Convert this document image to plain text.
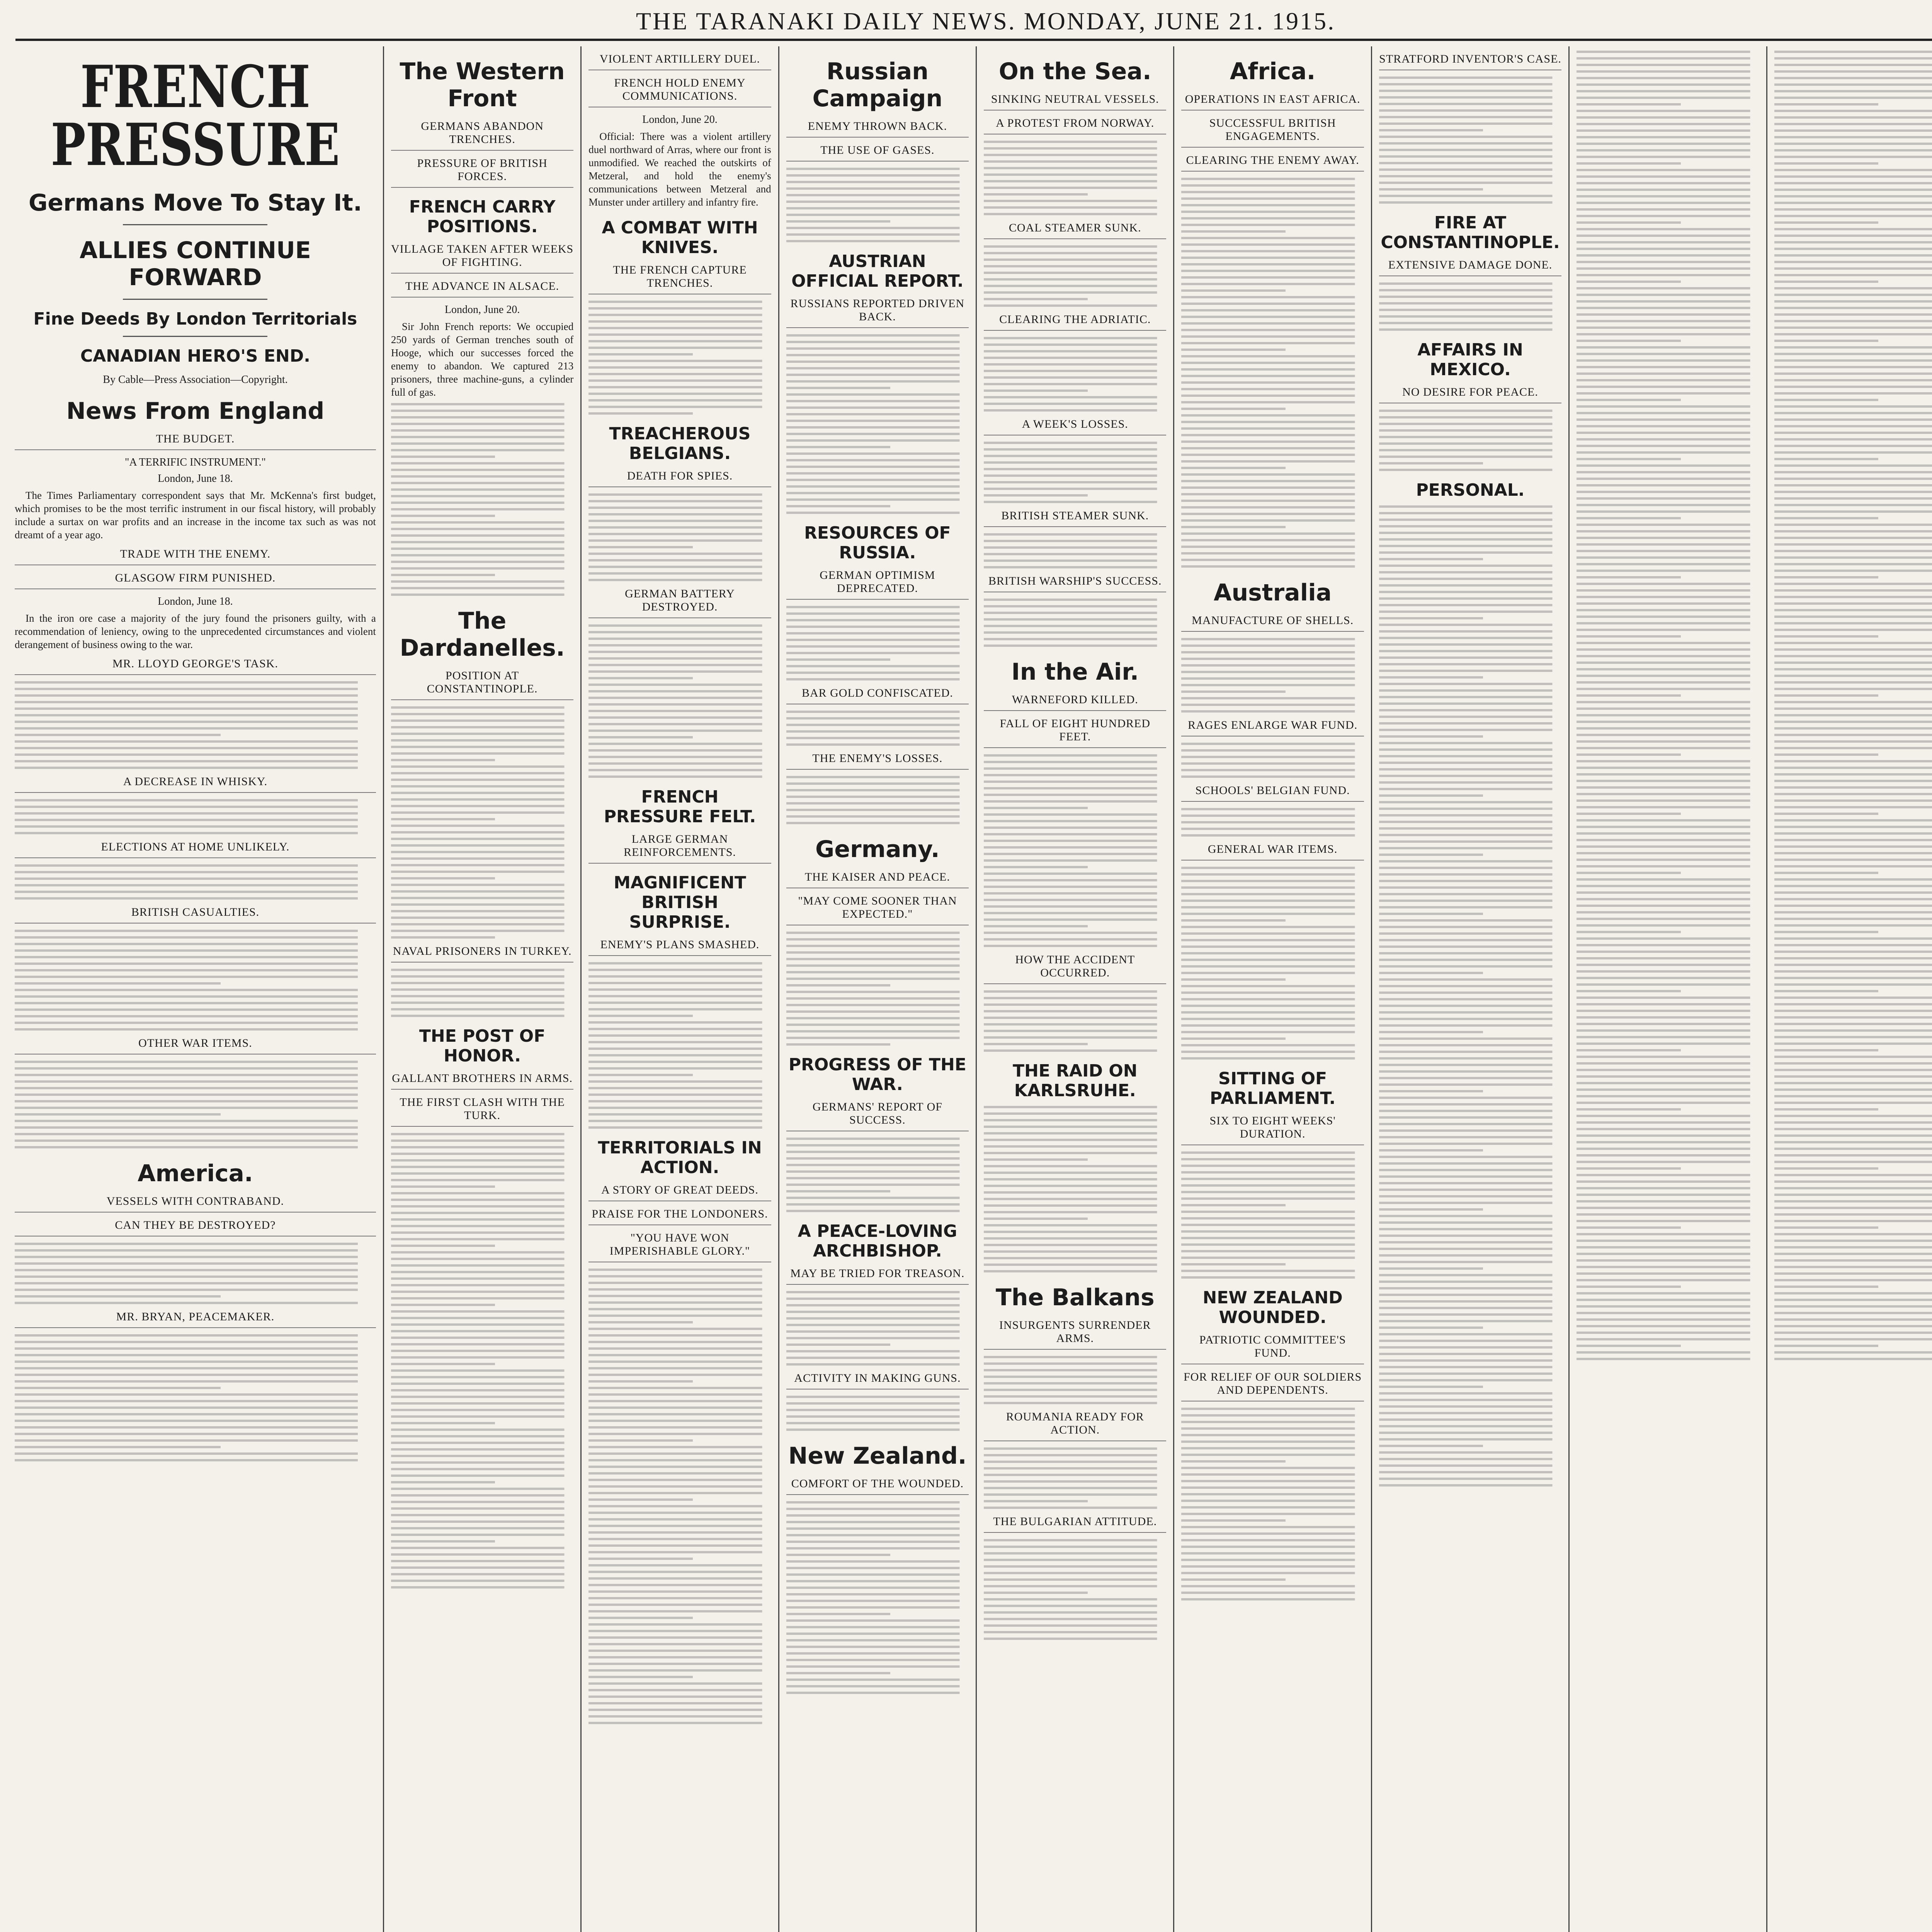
THE TARANAKI DAILY NEWS. MONDAY, JUNE 21. 1915.
FRENCH PRESSURE
Germans Move To Stay It.
ALLIES CONTINUE FORWARD
Fine Deeds By London Territorials
CANADIAN HERO'S END.
By Cable—Press Association—Copyright.
News From England
THE BUDGET.
"A TERRIFIC INSTRUMENT."
London, June 18.

The Times Parliamentary correspondent says that Mr. McKenna's first budget, which promises to be the most terrific instrument in our fiscal history, will probably include a surtax on war profits and an increase in the income tax such as was not dreamt of a year ago.

TRADE WITH THE ENEMY.
GLASGOW FIRM PUNISHED.
London, June 18.

In the iron ore case a majority of the jury found the prisoners guilty, with a recommendation of leniency, owing to the unprecedented circumstances and violent derangement of business owing to the war.

MR. LLOYD GEORGE'S TASK.
A DECREASE IN WHISKY.
ELECTIONS AT HOME UNLIKELY.
BRITISH CASUALTIES.
OTHER WAR ITEMS.
America.
VESSELS WITH CONTRABAND.
CAN THEY BE DESTROYED?
MR. BRYAN, PEACEMAKER.
The Western Front
GERMANS ABANDON TRENCHES.
PRESSURE OF BRITISH FORCES.
FRENCH CARRY POSITIONS.
VILLAGE TAKEN AFTER WEEKS OF FIGHTING.
THE ADVANCE IN ALSACE.
London, June 20.

Sir John French reports: We occupied 250 yards of German trenches south of Hooge, which our successes forced the enemy to abandon. We captured 213 prisoners, three machine-guns, a cylinder full of gas.

The Dardanelles.
POSITION AT CONSTANTINOPLE.
NAVAL PRISONERS IN TURKEY.
THE POST OF HONOR.
GALLANT BROTHERS IN ARMS.
THE FIRST CLASH WITH THE TURK.
VIOLENT ARTILLERY DUEL.
FRENCH HOLD ENEMY COMMUNICATIONS.
London, June 20.

Official: There was a violent artillery duel northward of Arras, where our front is unmodified. We reached the outskirts of Metzeral, and hold the enemy's communications between Metzeral and Munster under artillery and infantry fire.

A COMBAT WITH KNIVES.
THE FRENCH CAPTURE TRENCHES.
TREACHEROUS BELGIANS.
DEATH FOR SPIES.
GERMAN BATTERY DESTROYED.
FRENCH PRESSURE FELT.
LARGE GERMAN REINFORCEMENTS.
MAGNIFICENT BRITISH SURPRISE.
ENEMY'S PLANS SMASHED.
TERRITORIALS IN ACTION.
A STORY OF GREAT DEEDS.
PRAISE FOR THE LONDONERS.
"YOU HAVE WON IMPERISHABLE GLORY."
Russian Campaign
ENEMY THROWN BACK.
THE USE OF GASES.
AUSTRIAN OFFICIAL REPORT.
RUSSIANS REPORTED DRIVEN BACK.
RESOURCES OF RUSSIA.
GERMAN OPTIMISM DEPRECATED.
BAR GOLD CONFISCATED.
THE ENEMY'S LOSSES.
Germany.
THE KAISER AND PEACE.
"MAY COME SOONER THAN EXPECTED."
PROGRESS OF THE WAR.
GERMANS' REPORT OF SUCCESS.
A PEACE-LOVING ARCHBISHOP.
MAY BE TRIED FOR TREASON.
ACTIVITY IN MAKING GUNS.
New Zealand.
COMFORT OF THE WOUNDED.
On the Sea.
SINKING NEUTRAL VESSELS.
A PROTEST FROM NORWAY.
COAL STEAMER SUNK.
CLEARING THE ADRIATIC.
A WEEK'S LOSSES.
BRITISH STEAMER SUNK.
BRITISH WARSHIP'S SUCCESS.
In the Air.
WARNEFORD KILLED.
FALL OF EIGHT HUNDRED FEET.
HOW THE ACCIDENT OCCURRED.
THE RAID ON KARLSRUHE.
The Balkans
INSURGENTS SURRENDER ARMS.
ROUMANIA READY FOR ACTION.
THE BULGARIAN ATTITUDE.
Africa.
OPERATIONS IN EAST AFRICA.
SUCCESSFUL BRITISH ENGAGEMENTS.
CLEARING THE ENEMY AWAY.
Australia
MANUFACTURE OF SHELLS.
RAGES ENLARGE WAR FUND.
SCHOOLS' BELGIAN FUND.
GENERAL WAR ITEMS.
SITTING OF PARLIAMENT.
SIX TO EIGHT WEEKS' DURATION.
NEW ZEALAND WOUNDED.
PATRIOTIC COMMITTEE'S FUND.
FOR RELIEF OF OUR SOLDIERS AND DEPENDENTS.
STRATFORD INVENTOR'S CASE.
FIRE AT CONSTANTINOPLE.
EXTENSIVE DAMAGE DONE.
AFFAIRS IN MEXICO.
NO DESIRE FOR PEACE.
PERSONAL.
